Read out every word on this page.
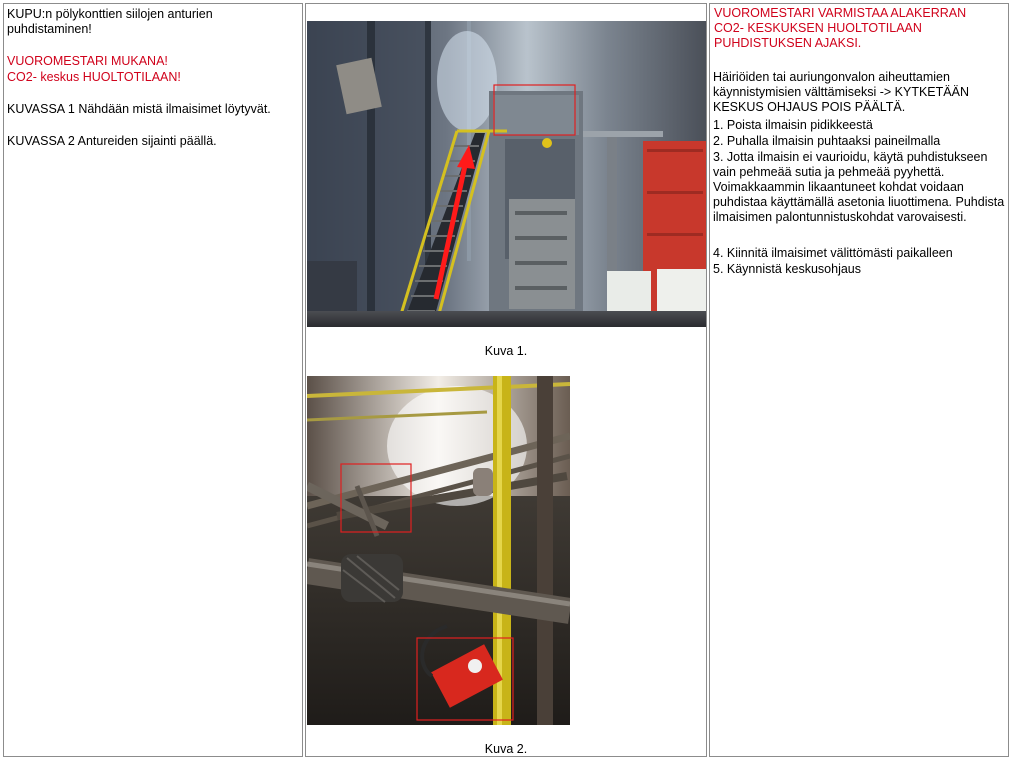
KUPU:n pölykonttien siilojen anturien puhdistaminen!
VUOROMESTARI MUKANA!
CO2- keskus HUOLTOTILAAN!
KUVASSA 1 Nähdään mistä ilmaisimet löytyvät.
KUVASSA 2 Antureiden sijainti päällä.
Kuva 1.
Kuva 2.
VUOROMESTARI VARMISTAA ALAKERRAN
CO2- KESKUKSEN HUOLTOTILAAN
PUHDISTUKSEN AJAKSI.
Häiriöiden tai auriungonvalon aiheuttamien käynnistymisien välttämiseksi -> KYTKETÄÄN KESKUS OHJAUS POIS PÄÄLTÄ.
1. Poista ilmaisin pidikkeestä
2. Puhalla ilmaisin puhtaaksi paineilmalla
3. Jotta ilmaisin ei vaurioidu, käytä puhdistukseen vain pehmeää sutia ja pehmeää pyyhettä. Voimakkaammin likaantuneet kohdat voidaan puhdistaa käyttämällä asetonia liuottimena. Puhdista ilmaisimen palontunnistuskohdat varovaisesti.
4. Kiinnitä ilmaisimet välittömästi paikalleen
5. Käynnistä keskusohjaus
